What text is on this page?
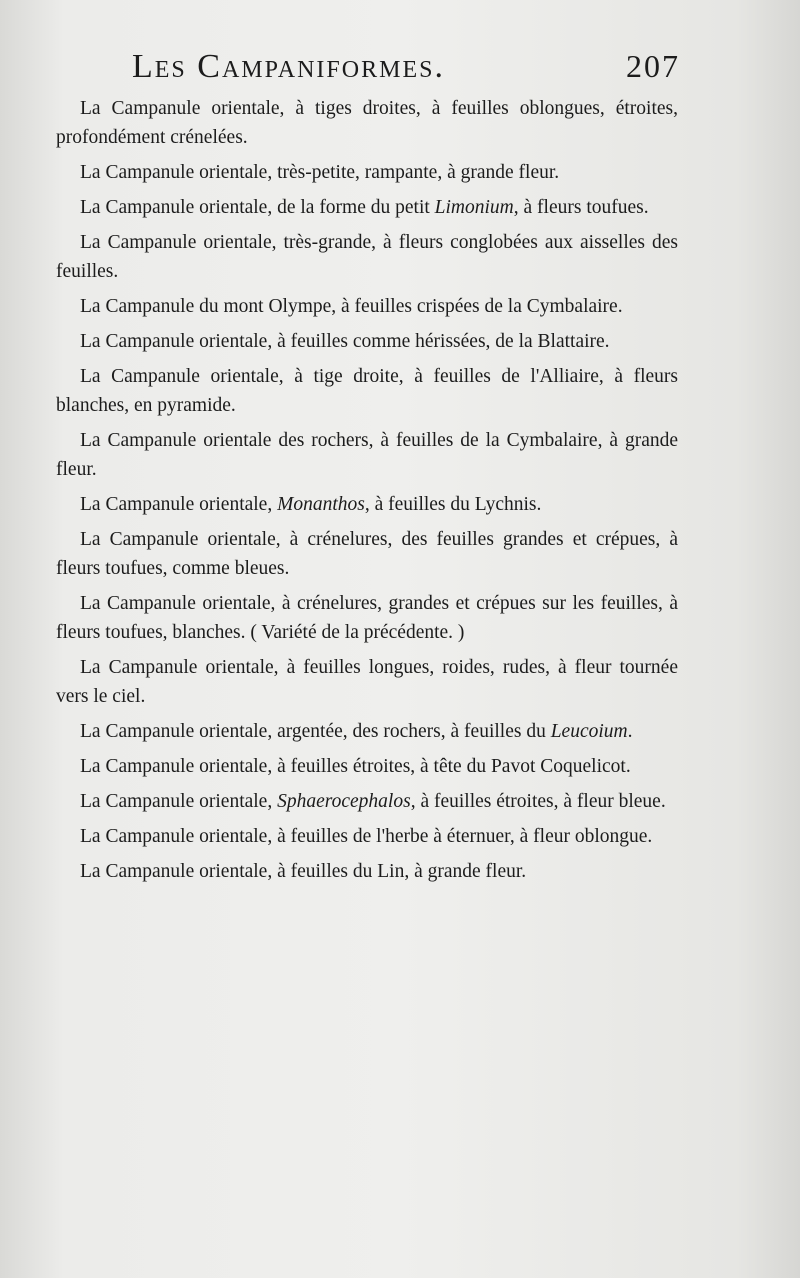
Les Campaniformes.	207

La Campanule orientale, à tiges droites, à feuilles oblongues, étroites, profondément crénelées.

La Campanule orientale, très-petite, rampante, à grande fleur.

La Campanule orientale, de la forme du petit Limonium, à fleurs toufues.

La Campanule orientale, très-grande, à fleurs conglobées aux aisselles des feuilles.

La Campanule du mont Olympe, à feuilles crispées de la Cymbalaire.

La Campanule orientale, à feuilles comme hérissées, de la Blattaire.

La Campanule orientale, à tige droite, à feuilles de l'Alliaire, à fleurs blanches, en pyramide.

La Campanule orientale des rochers, à feuilles de la Cymbalaire, à grande fleur.

La Campanule orientale, Monanthos, à feuilles du Lychnis.

La Campanule orientale, à crénelures, des feuilles grandes et crépues, à fleurs toufues, comme bleues.

La Campanule orientale, à crénelures, grandes et crépues sur les feuilles, à fleurs toufues, blanches. ( Variété de la précédente. )

La Campanule orientale, à feuilles longues, roides, rudes, à fleur tournée vers le ciel.

La Campanule orientale, argentée, des rochers, à feuilles du Leucoium.

La Campanule orientale, à feuilles étroites, à tête du Pavot Coquelicot.

La Campanule orientale, Sphaerocephalos, à feuilles étroites, à fleur bleue.

La Campanule orientale, à feuilles de l'herbe à éternuer, à fleur oblongue.

La Campanule orientale, à feuilles du Lin, à grande fleur.
